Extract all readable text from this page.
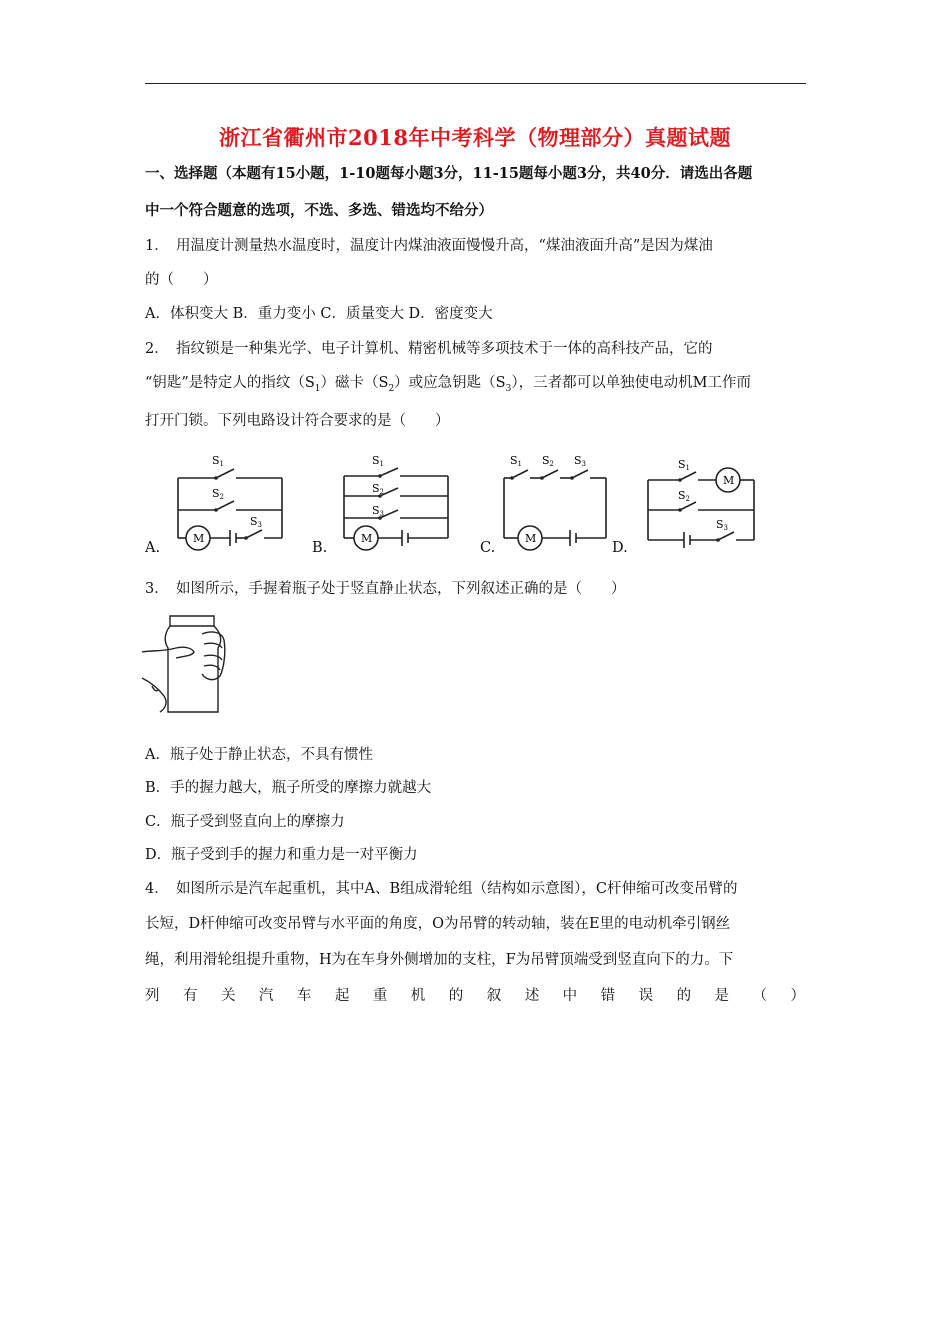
浙江省衢州市2018年中考科学（物理部分）真题试题
一、选择题（本题有15小题，1-10题每小题3分，11-15题每小题3分，共40分．请选出各题
中一个符合题意的选项，不选、多选、错选均不给分）
1．　用温度计测量热水温度时，温度计内煤油液面慢慢升高，“煤油液面升高”是因为煤油
的（　　）
A．体积变大 B．重力变小 C．质量变大 D．密度变大
2．　指纹锁是一种集光学、电子计算机、精密机械等多项技术于一体的高科技产品，它的
“钥匙”是特定人的指纹$(S_1)$磁卡$(S_2)$或应急钥匙$(S_3)$，三者都可以单独使电动机M工作而
打开门锁。下列电路设计符合要求的是（　　）
A.
S1
S2
S3
M
B.
S1
S2
S3
M
C.
S1 S2 S3
M
D.
S1
S2
S3
M
3．　如图所示，手握着瓶子处于竖直静止状态，下列叙述正确的是（　　）
A．瓶子处于静止状态，不具有惯性
B．手的握力越大，瓶子所受的摩擦力就越大
C．瓶子受到竖直向上的摩擦力
D．瓶子受到手的握力和重力是一对平衡力
4．　如图所示是汽车起重机，其中A、B组成滑轮组（结构如示意图），C杆伸缩可改变吊臂的
长短，D杆伸缩可改变吊臂与水平面的角度，O为吊臂的转动轴，装在E里的电动机牵引钢丝
绳，利用滑轮组提升重物，H为在车身外侧增加的支柱，F为吊臂顶端受到竖直向下的力。下
列 有 关 汽 车 起 重 机 的 叙 述 中 错 误 的 是 （ ）
